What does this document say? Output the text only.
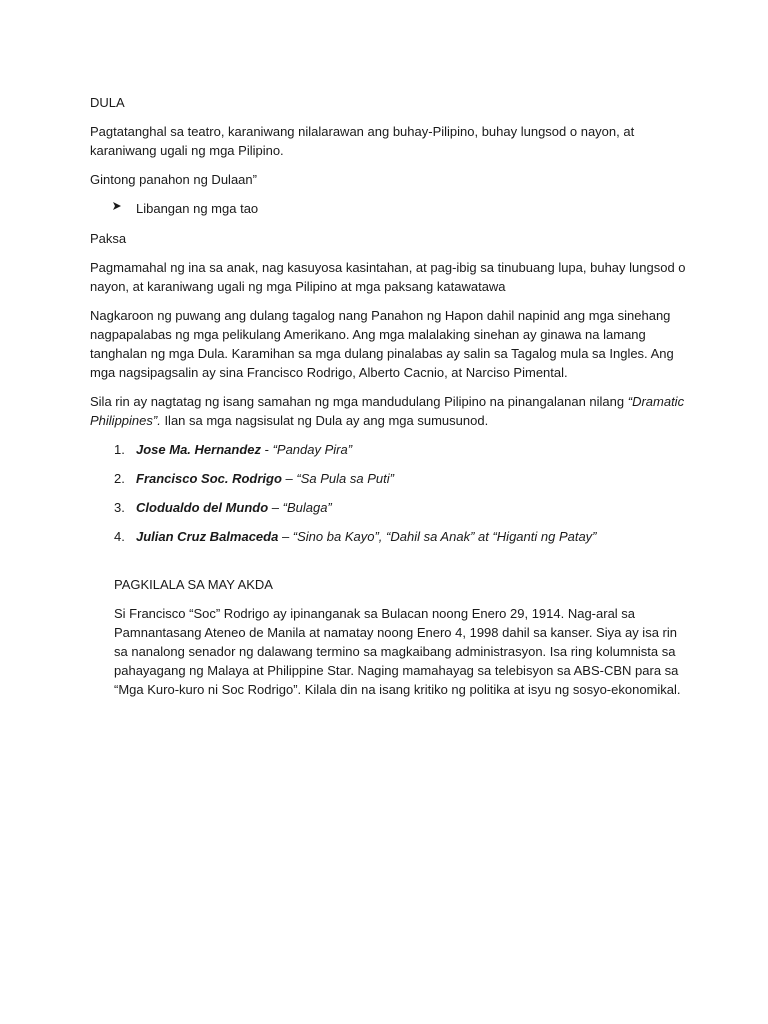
DULA

Pagtatanghal sa teatro, karaniwang nilalarawan ang buhay-Pilipino, buhay lungsod o nayon, at karaniwang ugali ng mga Pilipino.

Gintong panahon ng Dulaan”

Libangan ng mga tao

Paksa

Pagmamahal ng ina sa anak, nag kasuyosa kasintahan, at pag-ibig sa tinubuang lupa, buhay lungsod o nayon, at karaniwang ugali ng mga Pilipino at mga paksang katawatawa

Nagkaroon ng puwang ang dulang tagalog nang Panahon ng Hapon dahil napinid ang mga sinehang nagpapalabas ng mga pelikulang Amerikano. Ang mga malalaking sinehan ay ginawa na lamang tanghalan ng mga Dula. Karamihan sa mga dulang pinalabas ay salin sa Tagalog mula sa Ingles. Ang mga nagsipagsalin ay sina Francisco Rodrigo, Alberto Cacnio, at Narciso Pimental.

Sila rin ay nagtatag ng isang samahan ng mga mandudulang Pilipino na pinangalanan nilang “Dramatic Philippines”. Ilan sa mga nagsisulat ng Dula ay ang mga sumusunod.

1. Jose Ma. Hernandez - “Panday Pira”
2. Francisco Soc. Rodrigo – “Sa Pula sa Puti”
3. Clodualdo del Mundo – “Bulaga”
4. Julian Cruz Balmaceda – “Sino ba Kayo”, “Dahil sa Anak” at “Higanti ng Patay”

PAGKILALA SA MAY AKDA

Si Francisco “Soc” Rodrigo ay ipinanganak sa Bulacan noong Enero 29, 1914. Nag-aral sa Pamnantasang Ateneo de Manila at namatay noong Enero 4, 1998 dahil sa kanser. Siya ay isa rin sa nanalong senador ng dalawang termino sa magkaibang administrasyon. Isa ring kolumnista sa pahayagang ng Malaya at Philippine Star. Naging mamahayag sa telebisyon sa ABS-CBN para sa “Mga Kuro-kuro ni Soc Rodrigo”. Kilala din na isang kritiko ng politika at isyu ng sosyo-ekonomikal.
